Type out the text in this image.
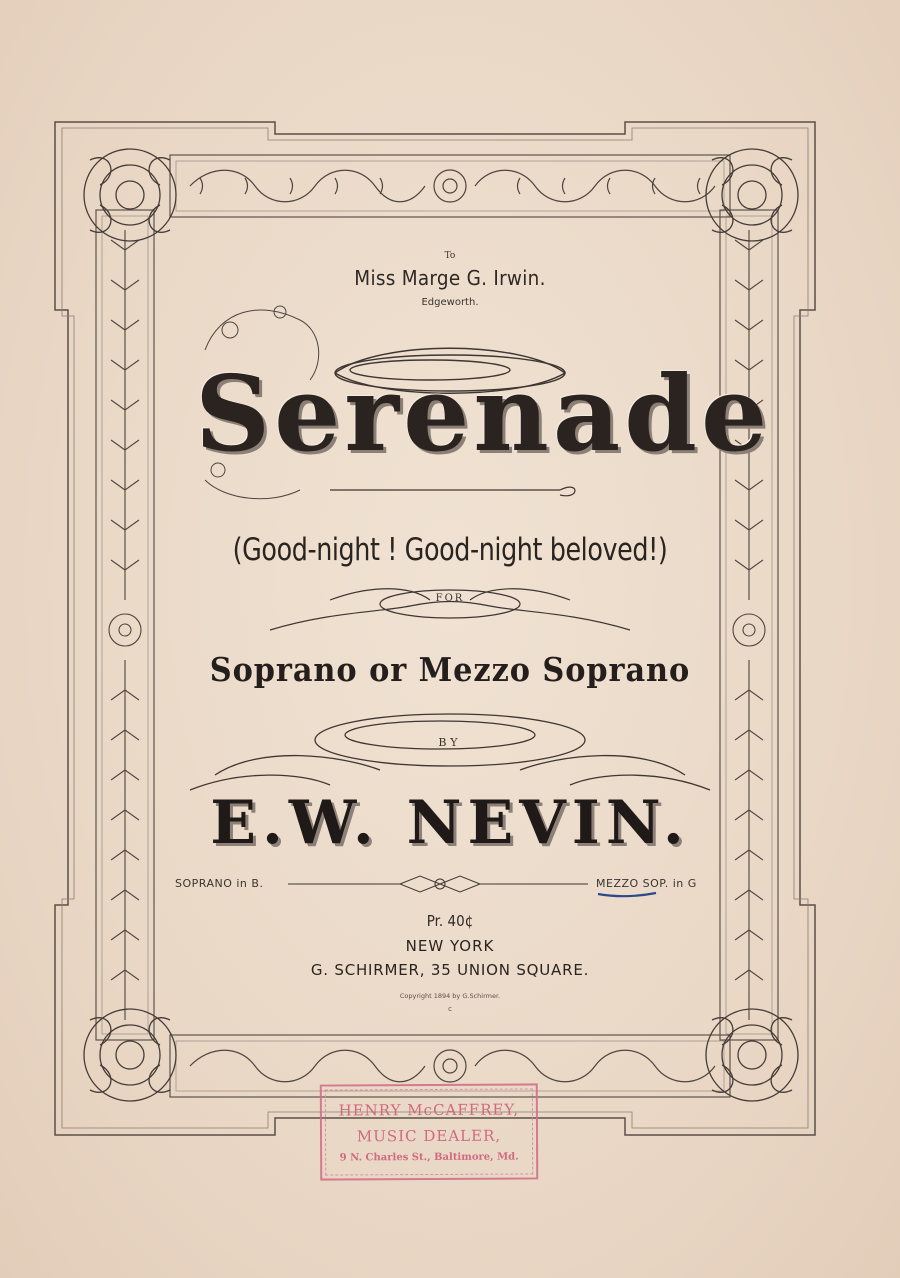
To
Miss Marge G. Irwin.
Edgeworth.
Serenade
(Good-night ! Good-night beloved!)
FOR
Soprano or Mezzo Soprano
BY
E.W. NEVIN.
SOPRANO in B.	MEZZO SOP. in G
Pr. 40¢
NEW YORK
G. SCHIRMER, 35 UNION SQUARE.
Copyright 1894 by G.Schirmer.
c
HENRY McCAFFREY,
MUSIC DEALER,
9 N. Charles St., Baltimore, Md.
